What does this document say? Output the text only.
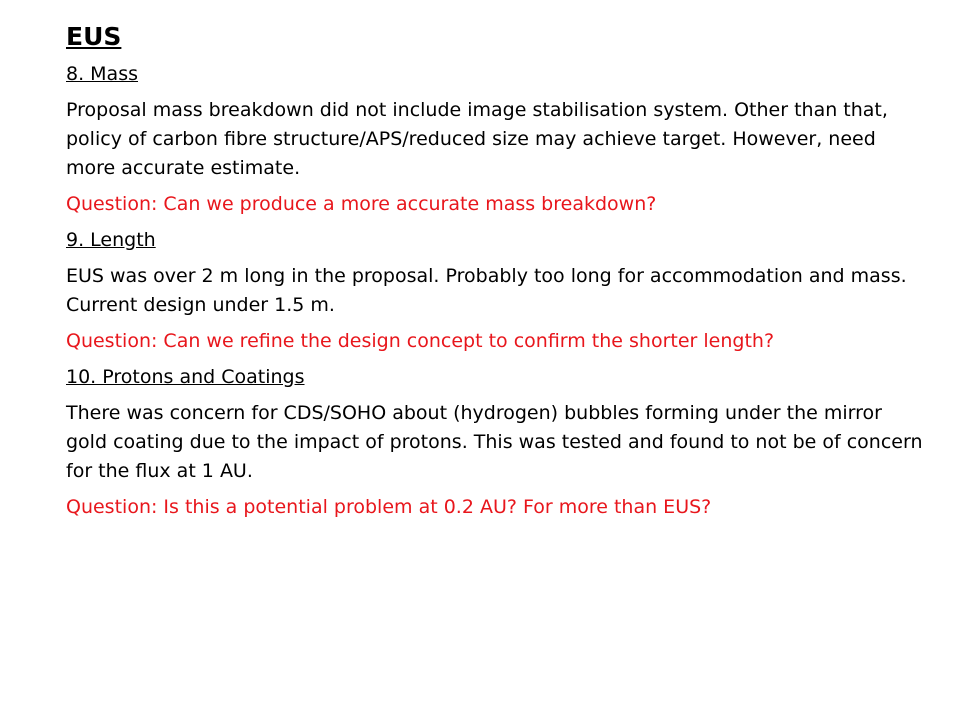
EUS
8. Mass
Proposal mass breakdown did not include image stabilisation system. Other than that, policy of carbon fibre structure/APS/reduced size may achieve target. However, need more accurate estimate.
Question: Can we produce a more accurate mass breakdown?
9. Length
EUS was over 2 m long in the proposal. Probably too long for accommodation and mass. Current design under 1.5 m.
Question: Can we refine the design concept to confirm the shorter length?
10. Protons and Coatings
There was concern for CDS/SOHO about (hydrogen) bubbles forming under the mirror gold coating due to the impact of protons. This was tested and found to not be of concern for the flux at 1 AU.
Question: Is this a potential problem at 0.2 AU? For more than EUS?
